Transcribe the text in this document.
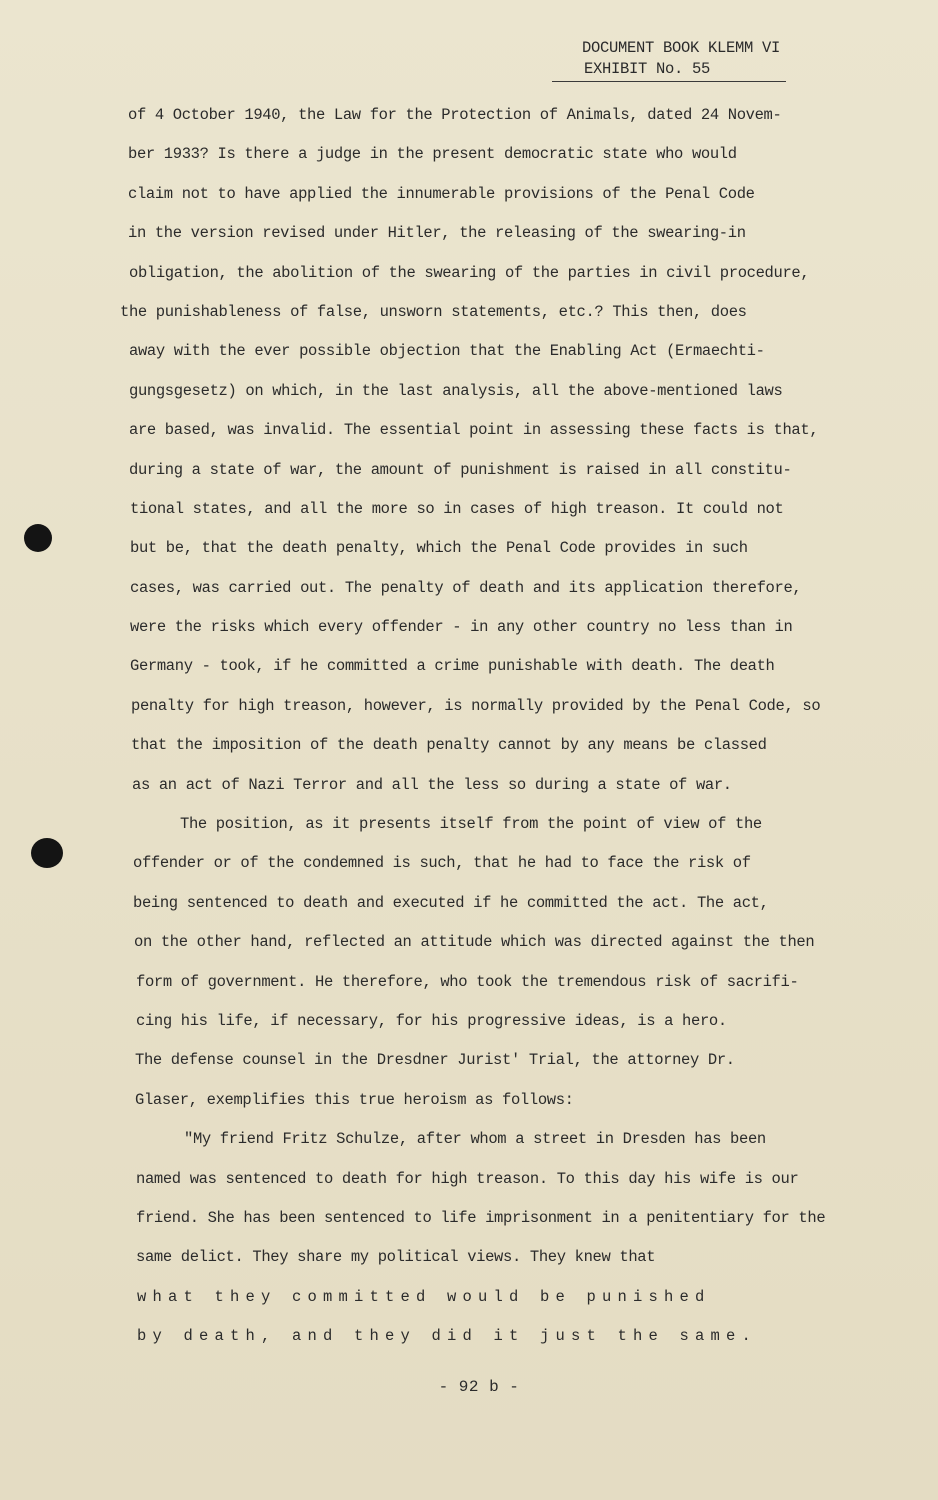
DOCUMENT BOOK KLEMM VI
EXHIBIT No. 55
of 4 October 1940, the Law for the Protection of Animals, dated 24 Novem-
ber 1933? Is there a judge in the present democratic state who would
claim not to have applied the innumerable provisions of the Penal Code
in the version revised under Hitler, the releasing of the swearing-in
obligation, the abolition of the swearing of the parties in civil procedure,
the punishableness of false, unsworn statements, etc.? This then, does
away with the ever possible objection that the Enabling Act (Ermaechti-
gungsgesetz) on which, in the last analysis, all the above-mentioned laws
are based, was invalid. The essential point in assessing these facts is that,
during a state of war, the amount of punishment is raised in all constitu-
tional states, and all the more so in cases of high treason. It could not
but be, that the death penalty, which the Penal Code provides in such
cases, was carried out. The penalty of death and its application therefore,
were the risks which every offender - in any other country no less than in
Germany - took, if he committed a crime punishable with death. The death
penalty for high treason, however, is normally provided by the Penal Code, so
that the imposition of the death penalty cannot by any means be classed
as an act of Nazi Terror and all the less so during a state of war.
The position, as it presents itself from the point of view of the
offender or of the condemned is such, that he had to face the risk of
being sentenced to death and executed if he committed the act. The act,
on the other hand, reflected an attitude which was directed against the then
form of government. He therefore, who took the tremendous risk of sacrifi-
cing his life, if necessary, for his progressive ideas, is a hero.
The defense counsel in the Dresdner Jurist' Trial, the attorney Dr.
Glaser, exemplifies this true heroism as follows:
"My friend Fritz Schulze, after whom a street in Dresden has been
named was sentenced to death for high treason. To this day his wife is our
friend. She has been sentenced to life imprisonment in a penitentiary for the
same delict. They share my political views. They knew that
what they committed would be punished
by death, and they did it just the same.
- 92 b -
